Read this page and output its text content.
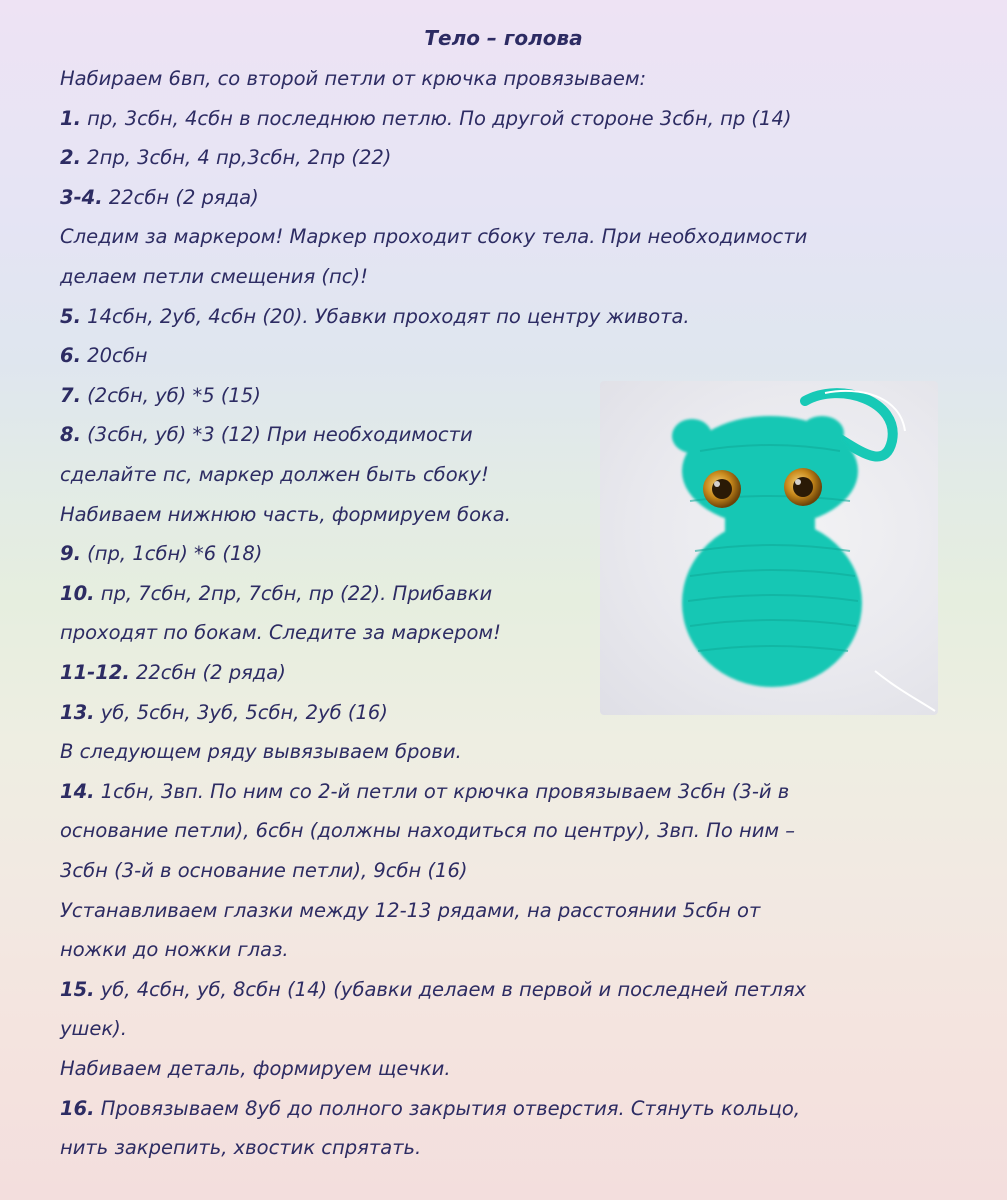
Тело – голова

Набираем 6вп, со второй петли от крючка провязываем:

1. пр, 3сбн, 4сбн в последнюю петлю. По другой стороне 3сбн, пр (14)

2. 2пр, 3сбн, 4 пр,3сбн, 2пр (22)

3-4. 22сбн (2 ряда)

Следим за маркером! Маркер проходит сбоку тела. При необходимости

делаем петли смещения (пс)!

5. 14сбн, 2уб, 4сбн (20). Убавки проходят по центру живота.

6. 20сбн

7. (2сбн, уб) *5 (15)

8. (3сбн, уб) *3 (12) При необходимости

сделайте пс, маркер должен быть сбоку!

Набиваем нижнюю часть, формируем бока.

9. (пр, 1сбн) *6 (18)

10. пр, 7сбн, 2пр, 7сбн, пр (22). Прибавки

проходят по бокам. Следите за маркером!

11-12. 22сбн (2 ряда)

13. уб, 5сбн, 3уб, 5сбн, 2уб (16)

В следующем ряду вывязываем брови.

14. 1сбн, 3вп. По ним со 2-й петли от крючка провязываем 3сбн (3-й в

основание петли), 6сбн (должны находиться по центру), 3вп. По ним –

3сбн (3-й в основание петли), 9сбн (16)

Устанавливаем глазки между 12-13 рядами, на расстоянии 5сбн от

ножки до ножки глаз.

15. уб, 4сбн, уб, 8сбн (14) (убавки делаем в первой и последней петлях

ушек).

Набиваем деталь, формируем щечки.

16. Провязываем 8уб до полного закрытия отверстия. Стянуть кольцо,

нить закрепить, хвостик спрятать.
